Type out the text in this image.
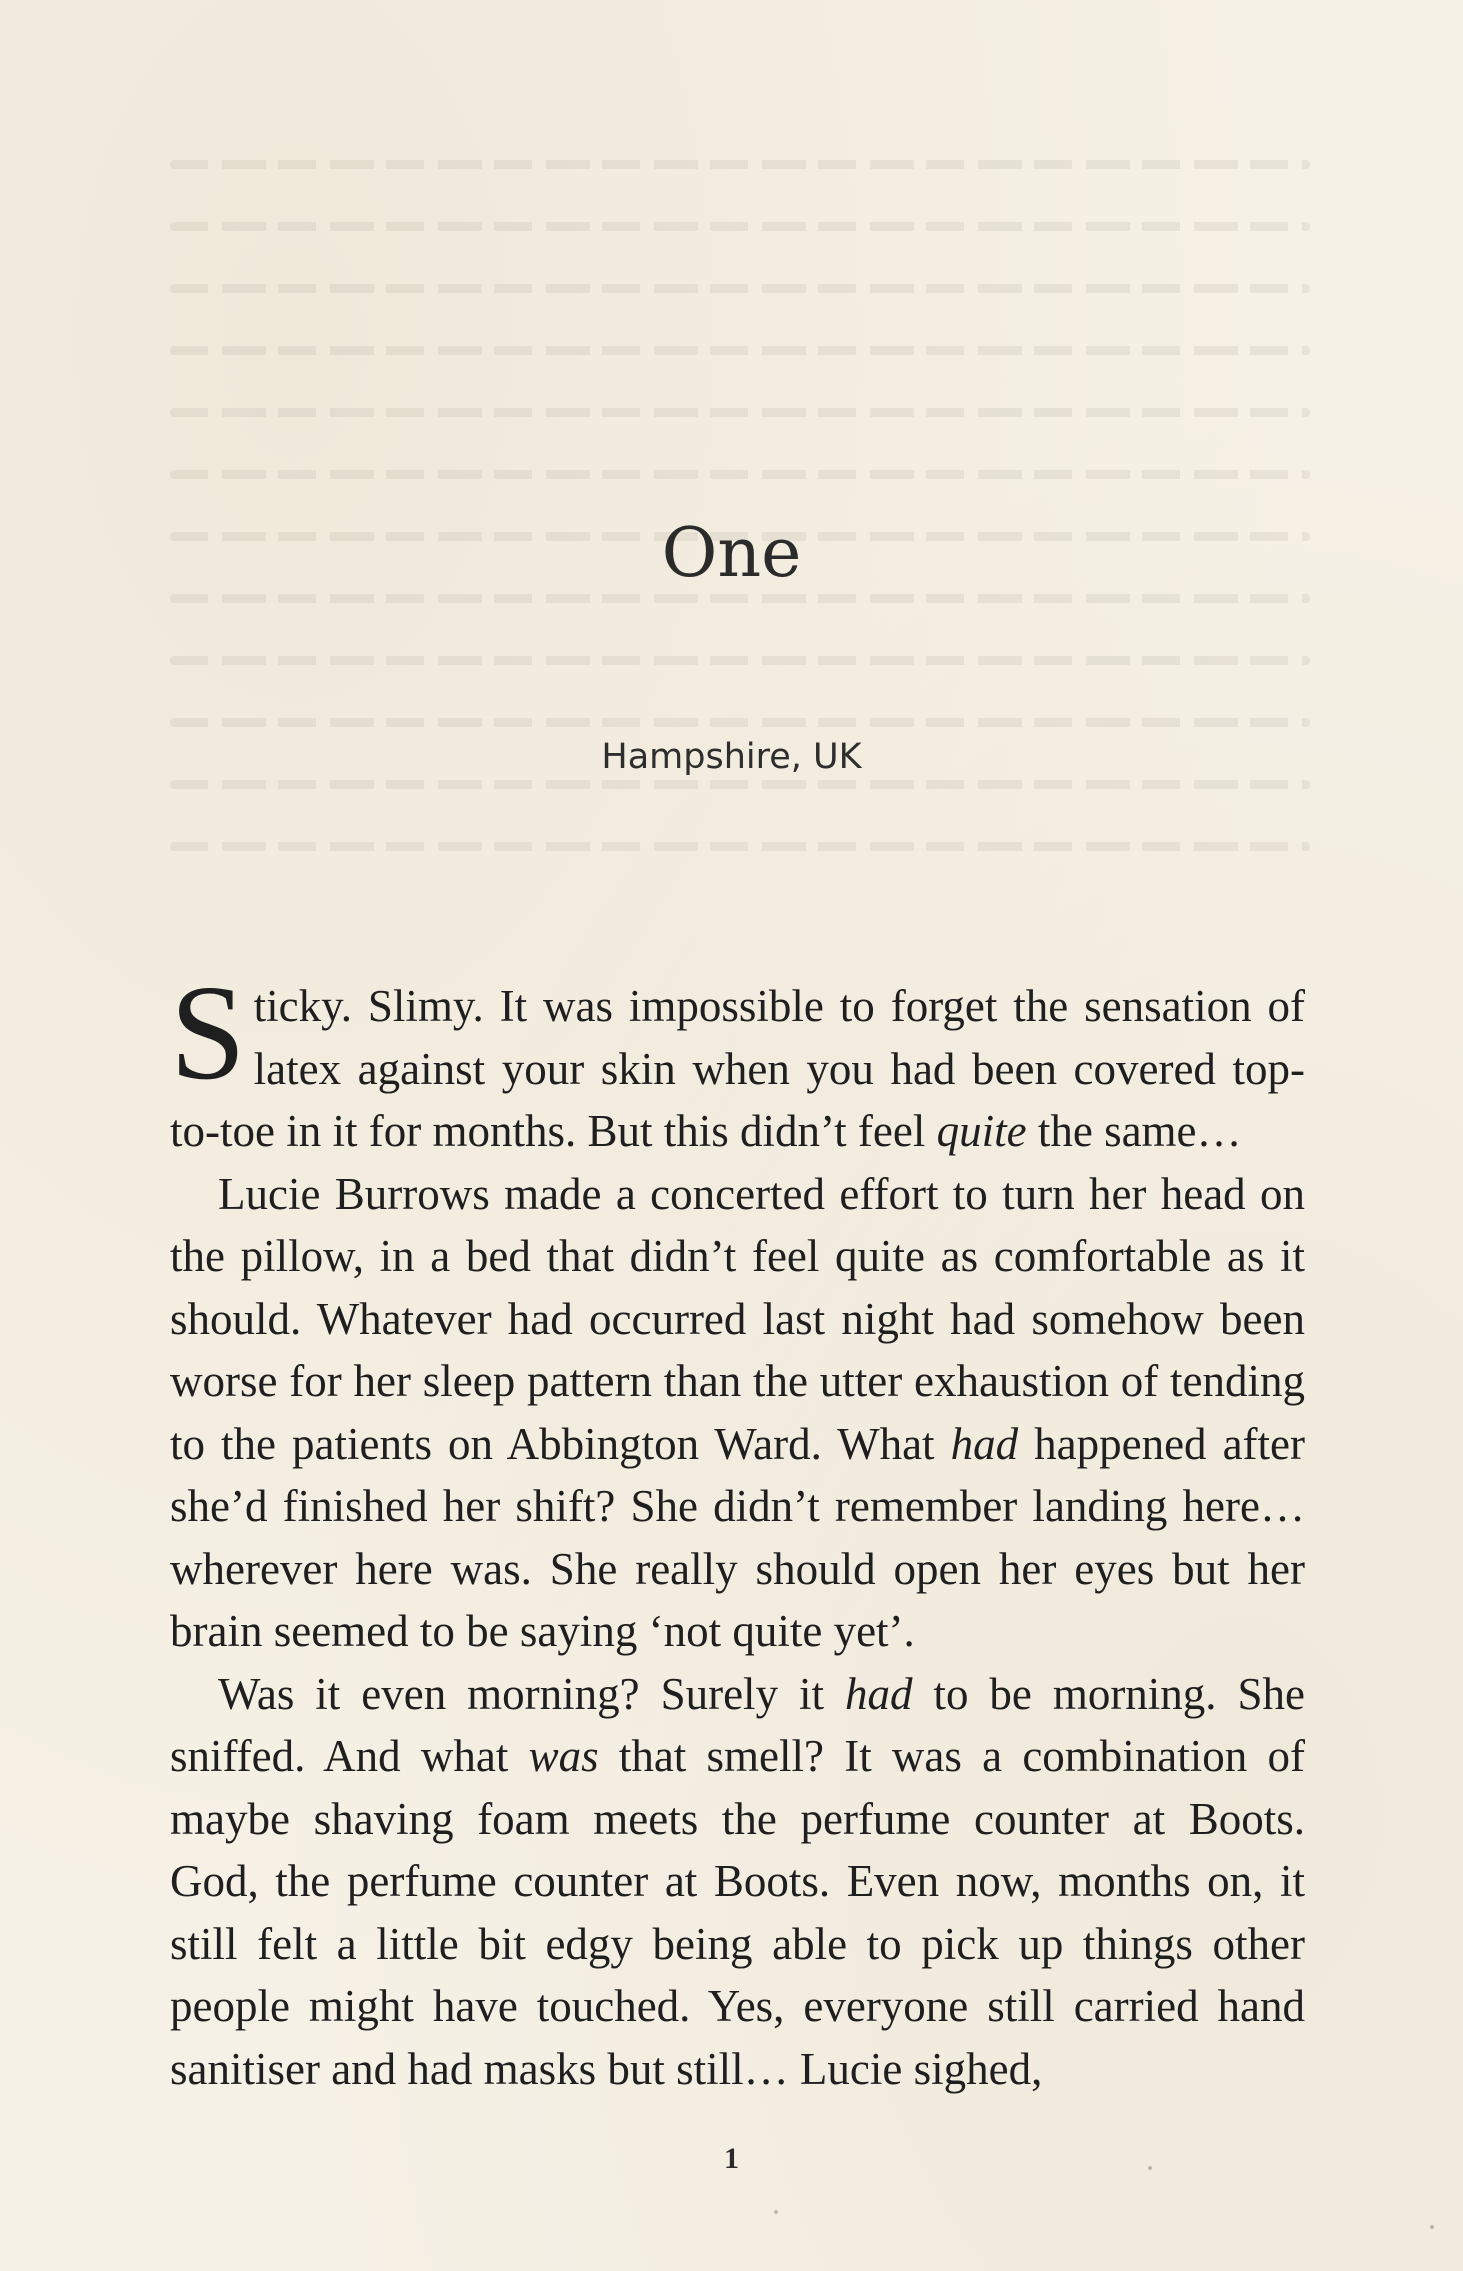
One
Hampshire, UK

Sticky. Slimy. It was impossible to forget the sensation of latex against your skin when you had been covered top-to-toe in it for months. But this didn’t feel quite the same…

Lucie Burrows made a concerted effort to turn her head on the pillow, in a bed that didn’t feel quite as comfortable as it should. Whatever had occurred last night had somehow been worse for her sleep pattern than the utter exhaustion of tending to the patients on Abbington Ward. What had happened after she’d finished her shift? She didn’t remember landing here… wherever here was. She really should open her eyes but her brain seemed to be saying ‘not quite yet’.

Was it even morning? Surely it had to be morning. She sniffed. And what was that smell? It was a combination of maybe shaving foam meets the perfume counter at Boots. God, the perfume counter at Boots. Even now, months on, it still felt a little bit edgy being able to pick up things other people might have touched. Yes, everyone still carried hand sanitiser and had masks but still… Lucie sighed,

1
